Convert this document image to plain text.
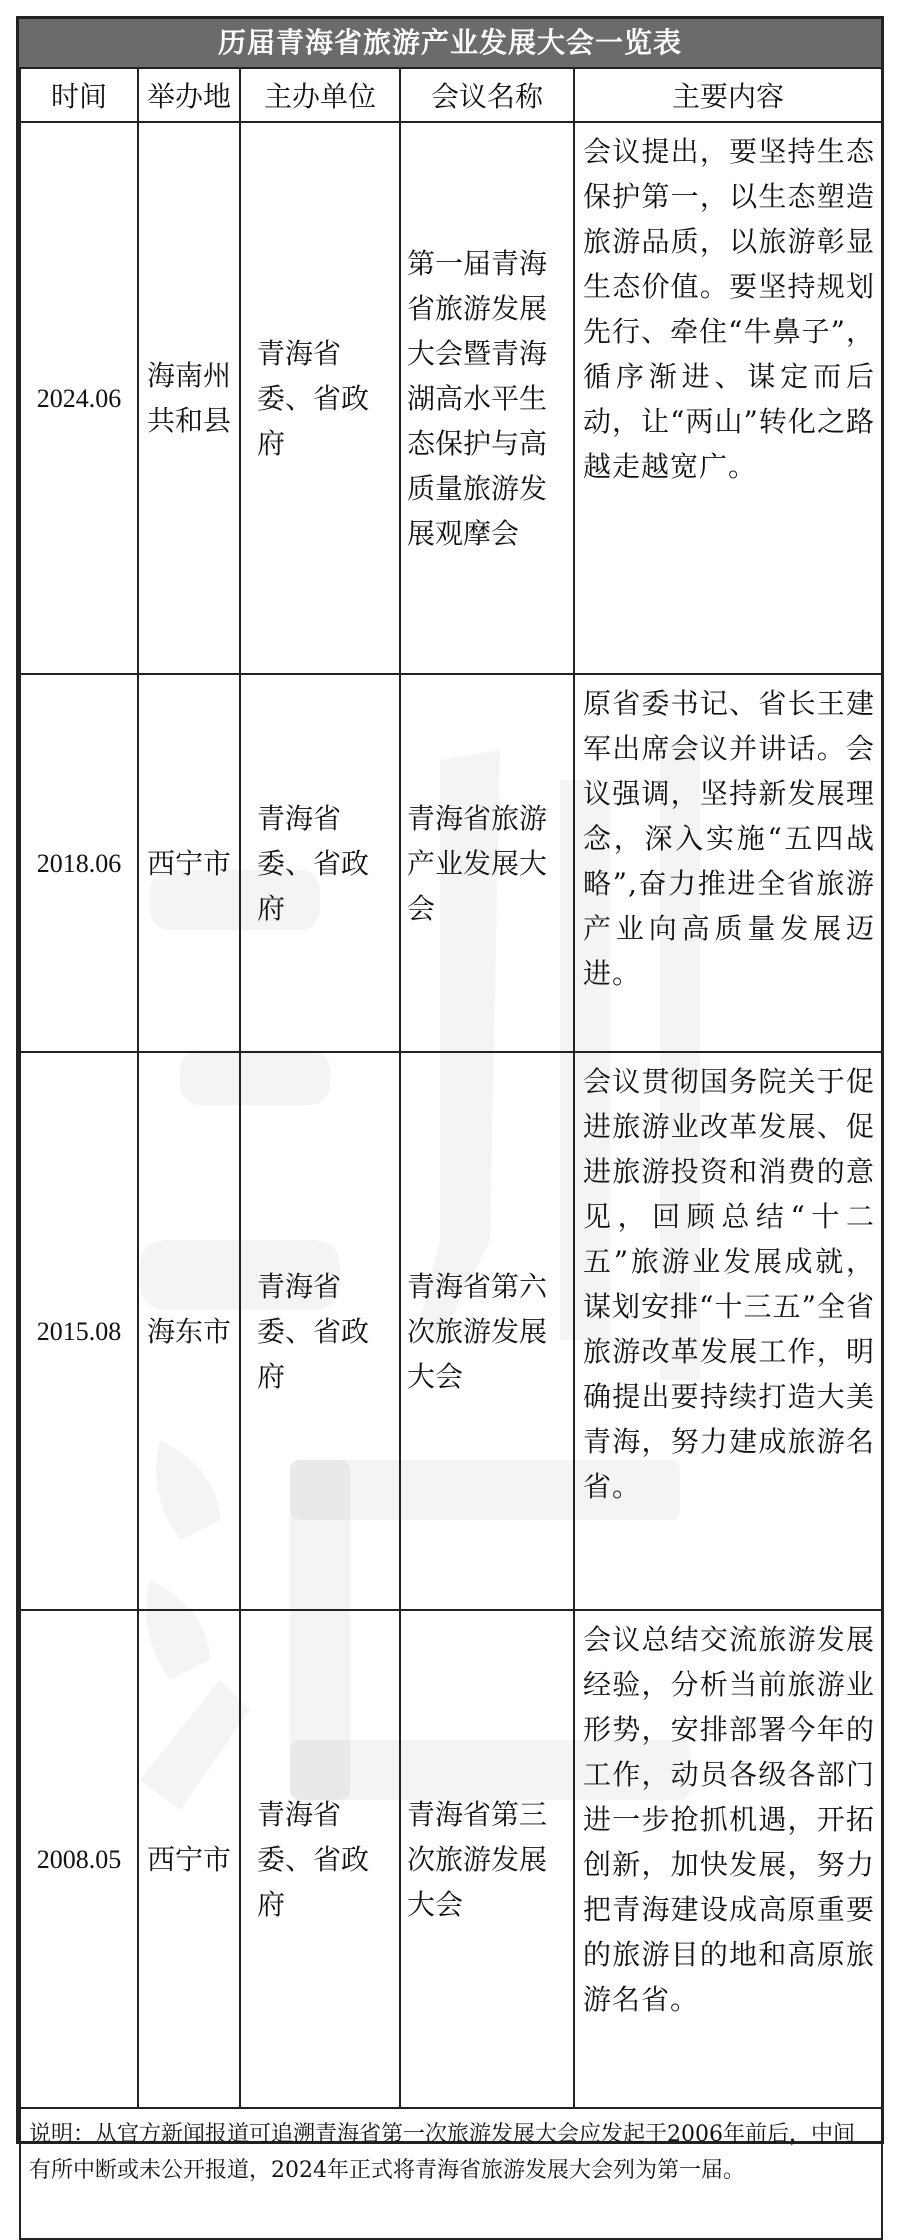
历届青海省旅游产业发展大会一览表
时间	举办地	主办单位	会议名称	主要内容
2024.06	海南州共和县	青海省委、省政府	第一届青海省旅游发展大会暨青海湖高水平生态保护与高质量旅游发展观摩会	会议提出，要坚持生态保护第一，以生态塑造旅游品质，以旅游彰显生态价值。要坚持规划先行、牵住“牛鼻子”，循序渐进、谋定而后动，让“两山”转化之路越走越宽广。
2018.06	西宁市	青海省委、省政府	青海省旅游产业发展大会	原省委书记、省长王建军出席会议并讲话。会议强调，坚持新发展理念，深入实施“五四战略”,奋力推进全省旅游产业向高质量发展迈进。
2015.08	海东市	青海省委、省政府	青海省第六次旅游发展大会	会议贯彻国务院关于促进旅游业改革发展、促进旅游投资和消费的意见，回顾总结“十二五”旅游业发展成就，谋划安排“十三五”全省旅游改革发展工作，明确提出要持续打造大美青海，努力建成旅游名省。
2008.05	西宁市	青海省委、省政府	青海省第三次旅游发展大会	会议总结交流旅游发展经验，分析当前旅游业形势，安排部署今年的工作，动员各级各部门进一步抢抓机遇，开拓创新，加快发展，努力把青海建设成高原重要的旅游目的地和高原旅游名省。
说明：从官方新闻报道可追溯青海省第一次旅游发展大会应发起于2006年前后，中间有所中断或未公开报道，2024年正式将青海省旅游发展大会列为第一届。				
